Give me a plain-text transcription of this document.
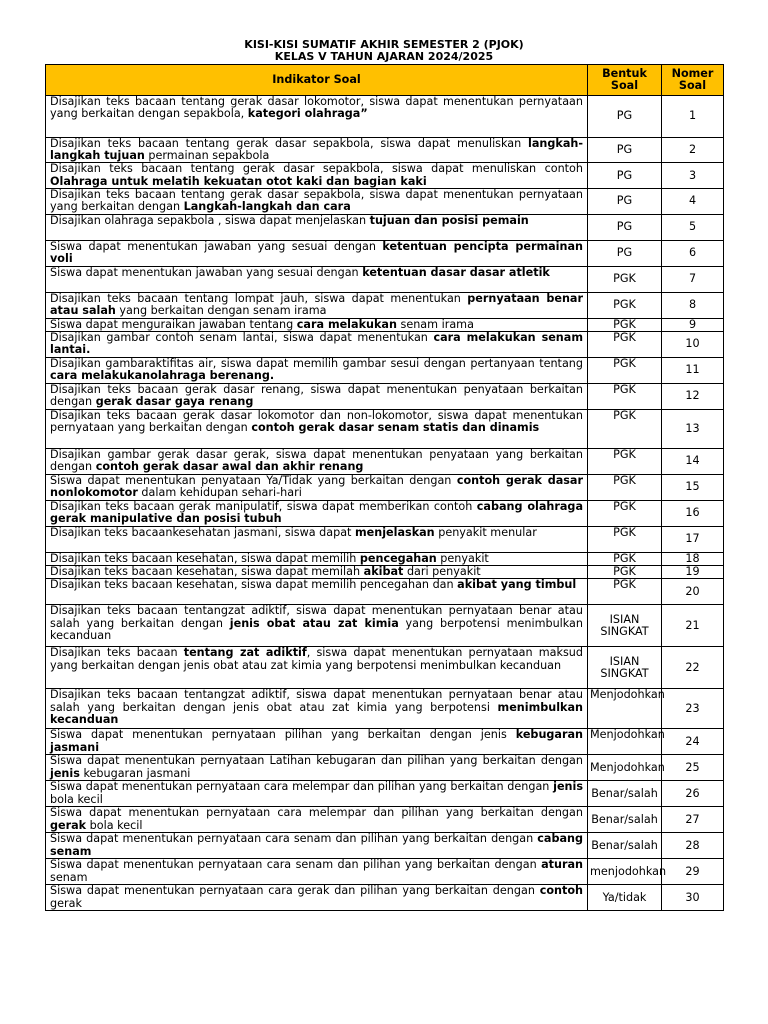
KISI-KISI SUMATIF AKHIR SEMESTER 2 (PJOK)
KELAS V TAHUN AJARAN 2024/2025
Indikator Soal	Bentuk Soal	Nomer Soal
Disajikan teks bacaan tentang gerak dasar lokomotor, siswa dapat menentukan pernyataan yang berkaitan dengan sepakbola, kategori olahraga”	PG	1
Disajikan teks bacaan tentang gerak dasar sepakbola, siswa dapat menuliskan langkah-langkah tujuan permainan sepakbola	PG	2
Disajikan teks bacaan tentang gerak dasar sepakbola, siswa dapat menuliskan contoh Olahraga untuk melatih kekuatan otot kaki dan bagian kaki	PG	3
Disajikan teks bacaan tentang gerak dasar sepakbola, siswa dapat menentukan pernyataan yang berkaitan dengan Langkah-langkah dan cara	PG	4
Disajikan olahraga sepakbola , siswa dapat menjelaskan tujuan dan posisi pemain	PG	5
Siswa dapat menentukan jawaban yang sesuai dengan ketentuan pencipta permainan voli	PG	6
Siswa dapat menentukan jawaban yang sesuai dengan ketentuan dasar dasar atletik	PGK	7
Disajikan teks bacaan tentang lompat jauh, siswa dapat menentukan pernyataan benar atau salah yang berkaitan dengan senam irama	PGK	8
Siswa dapat menguraikan jawaban tentang cara melakukan senam irama	PGK	9
Disajikan gambar contoh senam lantai, siswa dapat menentukan cara melakukan senam lantai.	PGK	10
Disajikan gambaraktifitas air, siswa dapat memilih gambar sesui dengan pertanyaan tentang cara melakukanolahraga berenang.	PGK	11
Disajikan teks bacaan gerak dasar renang, siswa dapat menentukan penyataan berkaitan dengan gerak dasar gaya renang	PGK	12
Disajikan teks bacaan gerak dasar lokomotor dan non-lokomotor, siswa dapat menentukan pernyataan yang berkaitan dengan contoh gerak dasar senam statis dan dinamis	PGK	13
Disajikan gambar gerak dasar gerak, siswa dapat menentukan penyataan yang berkaitan dengan contoh gerak dasar awal dan akhir renang	PGK	14
Siswa dapat menentukan penyataan Ya/Tidak yang berkaitan dengan contoh gerak dasar nonlokomotor dalam kehidupan sehari-hari	PGK	15
Disajikan teks bacaan gerak manipulatif, siswa dapat memberikan contoh cabang olahraga gerak manipulative dan posisi tubuh	PGK	16
Disajikan teks bacaankesehatan jasmani, siswa dapat menjelaskan penyakit menular	PGK	17
Disajikan teks bacaan kesehatan, siswa dapat memilih pencegahan penyakit	PGK	18
Disajikan teks bacaan kesehatan, siswa dapat memilah akibat dari penyakit	PGK	19
Disajikan teks bacaan kesehatan, siswa dapat memilih pencegahan dan akibat yang timbul	PGK	20
Disajikan teks bacaan tentangzat adiktif, siswa dapat menentukan pernyataan benar atau salah yang berkaitan dengan jenis obat atau zat kimia yang berpotensi menimbulkan kecanduan	ISIAN SINGKAT	21
Disajikan teks bacaan tentang zat adiktif, siswa dapat menentukan pernyataan maksud yang berkaitan dengan jenis obat atau zat kimia yang berpotensi menimbulkan kecanduan	ISIAN SINGKAT	22
Disajikan teks bacaan tentangzat adiktif, siswa dapat menentukan pernyataan benar atau salah yang berkaitan dengan jenis obat atau zat kimia yang berpotensi menimbulkan kecanduan	Menjodohkan	23
Siswa dapat menentukan pernyataan pilihan yang berkaitan dengan jenis kebugaran jasmani	Menjodohkan	24
Siswa dapat menentukan pernyataan Latihan kebugaran dan pilihan yang berkaitan dengan jenis kebugaran jasmani	Menjodohkan	25
Siswa dapat menentukan pernyataan cara melempar dan pilihan yang berkaitan dengan jenis bola kecil	Benar/salah	26
Siswa dapat menentukan pernyataan cara melempar dan pilihan yang berkaitan dengan gerak bola kecil	Benar/salah	27
Siswa dapat menentukan pernyataan cara senam dan pilihan yang berkaitan dengan cabang senam	Benar/salah	28
Siswa dapat menentukan pernyataan cara senam dan pilihan yang berkaitan dengan aturan senam	menjodohkan	29
Siswa dapat menentukan pernyataan cara gerak dan pilihan yang berkaitan dengan contoh gerak	Ya/tidak	30
